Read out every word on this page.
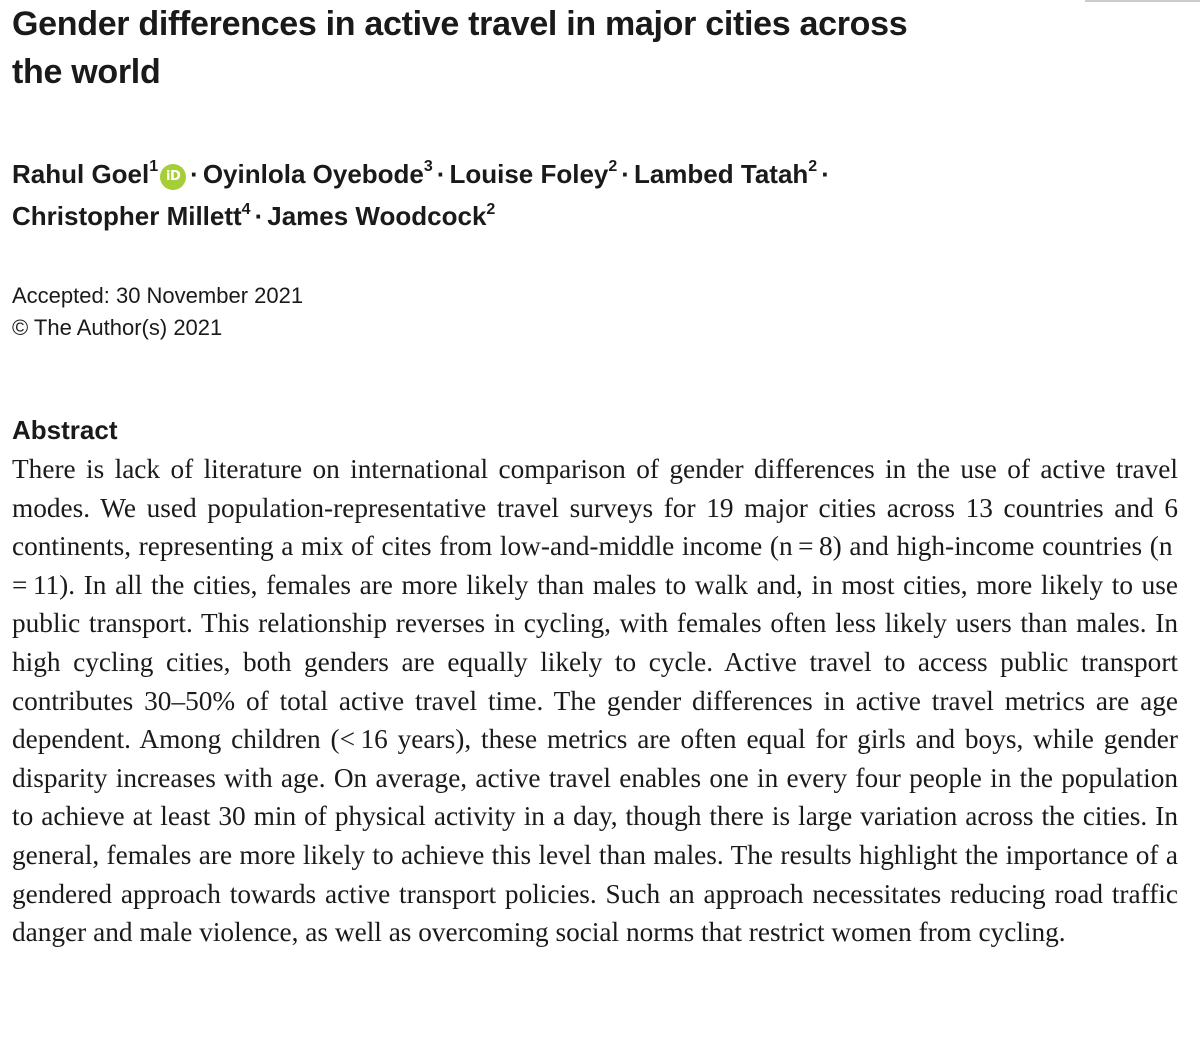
Gender differences in active travel in major cities across the world
Rahul Goel$^1$iD · Oyinlola Oyebode$^3$ · Louise Foley$^2$ · Lambed Tatah$^2$ ·
Christopher Millett$^4$ · James Woodcock$^2$
Accepted: 30 November 2021
© The Author(s) 2021
Abstract

There is lack of literature on international comparison of gender differences in the use of active travel modes. We used population-representative travel surveys for 19 major cities across 13 countries and 6 continents, representing a mix of cites from low-and-middle income (n = 8) and high-income countries (n = 11). In all the cities, females are more likely than males to walk and, in most cities, more likely to use public transport. This relationship reverses in cycling, with females often less likely users than males. In high cycling cities, both genders are equally likely to cycle. Active travel to access public transport contributes 30–50% of total active travel time. The gender differences in active travel metrics are age dependent. Among children (< 16 years), these metrics are often equal for girls and boys, while gender disparity increases with age. On average, active travel enables one in every four people in the population to achieve at least 30 min of physical activity in a day, though there is large variation across the cities. In general, females are more likely to achieve this level than males. The results highlight the importance of a gendered approach towards active transport policies. Such an approach necessitates reducing road traffic danger and male violence, as well as overcoming social norms that restrict women from cycling.
